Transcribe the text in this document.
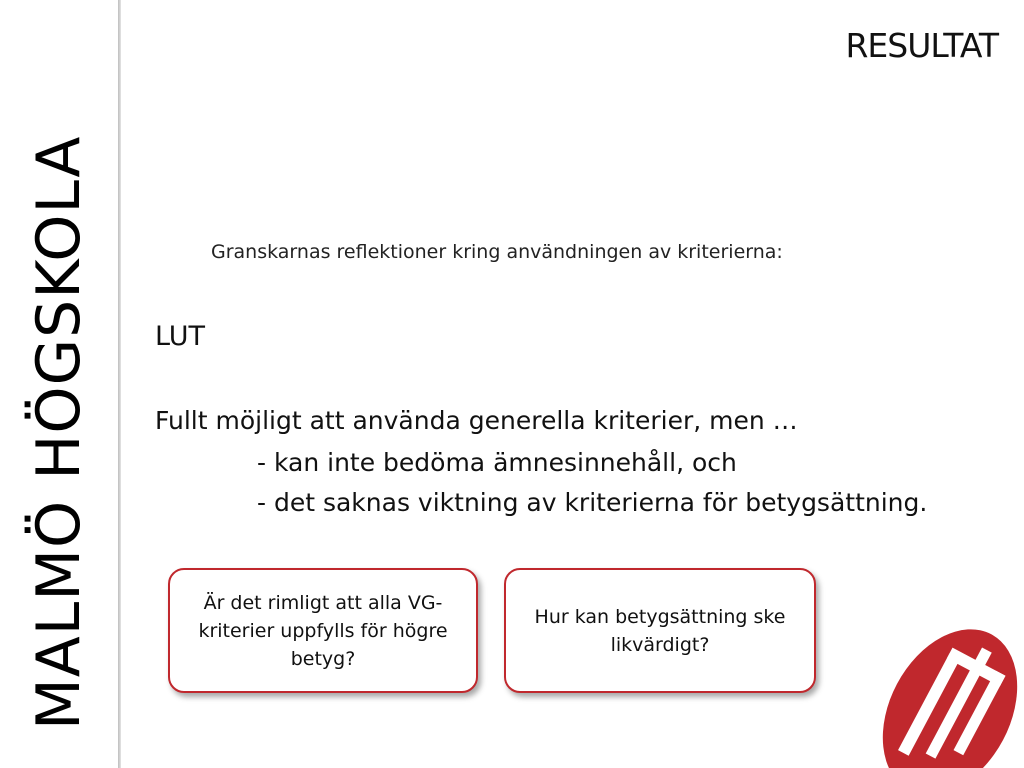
MALMÖ HÖGSKOLA
RESULTAT
Granskarnas reflektioner kring användningen av kriterierna:
LUT
Fullt möjligt att använda generella kriterier, men …
- kan inte bedöma ämnesinnehåll, och
- det saknas viktning av kriterierna för betygsättning.
Är det rimligt att alla VG-kriterier uppfylls för högre betyg?
Hur kan betygsättning ske likvärdigt?
